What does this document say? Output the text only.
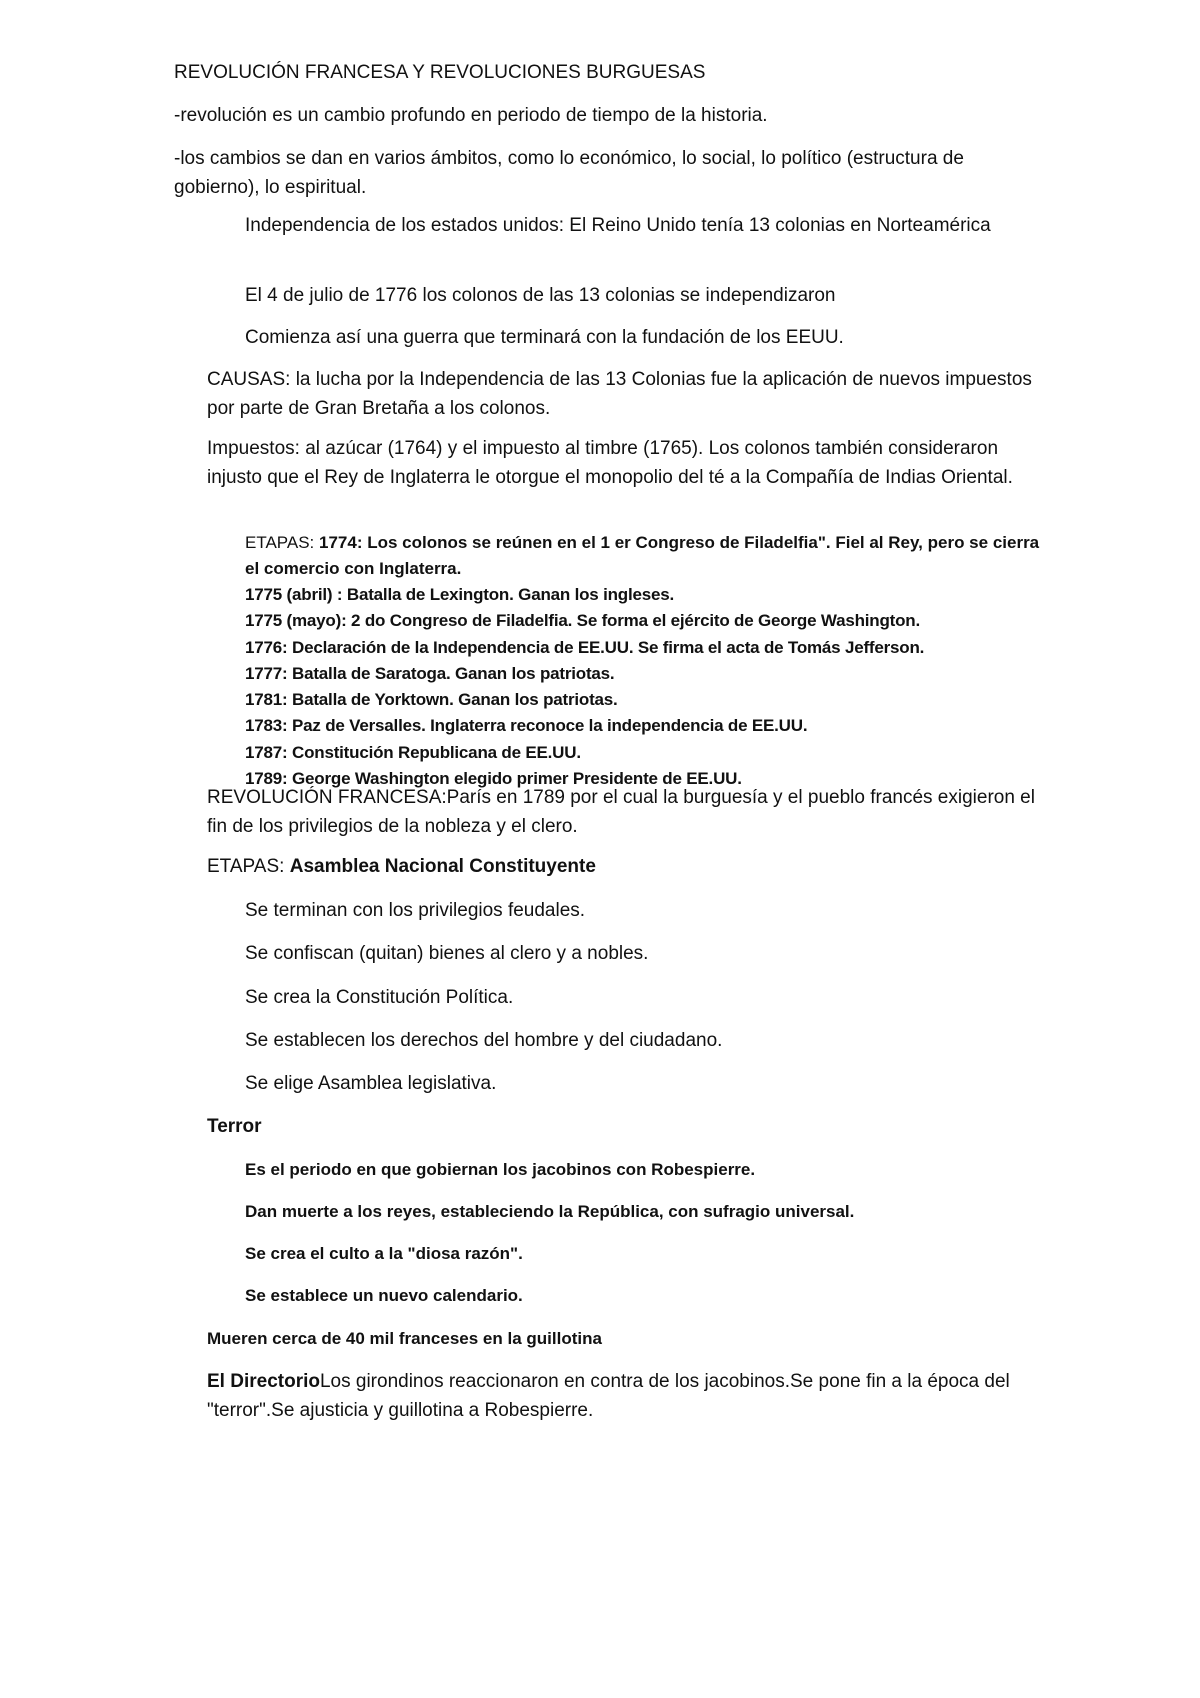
REVOLUCIÓN FRANCESA Y REVOLUCIONES BURGUESAS

-revolución es un cambio profundo en periodo de tiempo de la historia.

-los cambios se dan en varios ámbitos, como lo económico, lo social, lo político (estructura de gobierno), lo espiritual.

Independencia de los estados unidos: El Reino Unido tenía 13 colonias en Norteamérica
El 4 de julio de 1776 los colonos de las 13 colonias se independizaron
Comienza así una guerra que terminará con la fundación de los EEUU.

CAUSAS: la lucha por la Independencia de las 13 Colonias fue la aplicación de nuevos impuestos por parte de Gran Bretaña a los colonos.

Impuestos: al azúcar (1764) y el impuesto al timbre (1765). Los colonos también consideraron injusto que el Rey de Inglaterra le otorgue el monopolio del té a la Compañía de Indias Oriental.

ETAPAS: 1774: Los colonos se reúnen en el 1 er Congreso de Filadelfia". Fiel al Rey, pero se cierra el comercio con Inglaterra.
1775 (abril) : Batalla de Lexington. Ganan los ingleses.
1775 (mayo): 2 do Congreso de Filadelfia. Se forma el ejército de George Washington.
1776: Declaración de la Independencia de EE.UU. Se firma el acta de Tomás Jefferson.
1777: Batalla de Saratoga. Ganan los patriotas.
1781: Batalla de Yorktown. Ganan los patriotas.
1783: Paz de Versalles. Inglaterra reconoce la independencia de EE.UU.
1787: Constitución Republicana de EE.UU.
1789: George Washington elegido primer Presidente de EE.UU.

REVOLUCIÓN FRANCESA:París en 1789 por el cual la burguesía y el pueblo francés exigieron el fin de los privilegios de la nobleza y el clero.

ETAPAS: Asamblea Nacional Constituyente

Se terminan con los privilegios feudales.
Se confiscan (quitan) bienes al clero y a nobles.
Se crea la Constitución Política.
Se establecen los derechos del hombre y del ciudadano.
Se elige Asamblea legislativa.

Terror

Es el periodo en que gobiernan los jacobinos con Robespierre.
Dan muerte a los reyes, estableciendo la República, con sufragio universal.
Se crea el culto a la "diosa razón".
Se establece un nuevo calendario.

Mueren cerca de 40 mil franceses en la guillotina

El DirectorioLos girondinos reaccionaron en contra de los jacobinos.Se pone fin a la época del "terror".Se ajusticia y guillotina a Robespierre.
